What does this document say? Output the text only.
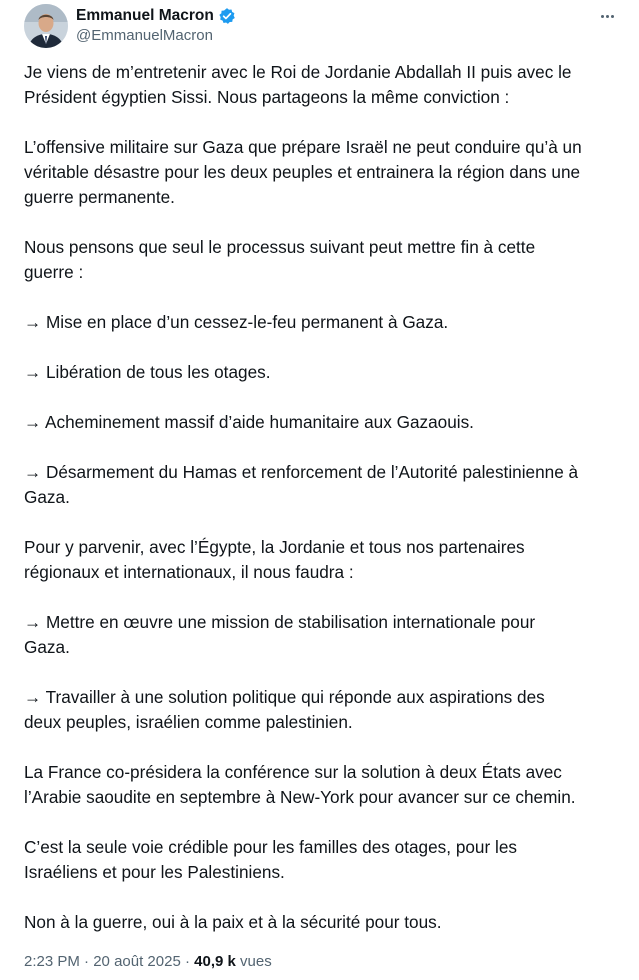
Emmanuel Macron
@EmmanuelMacron

Je viens de m’entretenir avec le Roi de Jordanie Abdallah II puis avec le
Président égyptien Sissi. Nous partageons la même conviction :

L’offensive militaire sur Gaza que prépare Israël ne peut conduire qu’à un
véritable désastre pour les deux peuples et entrainera la région dans une
guerre permanente.

Nous pensons que seul le processus suivant peut mettre fin à cette
guerre :

→ Mise en place d’un cessez-le-feu permanent à Gaza.

→ Libération de tous les otages.

→ Acheminement massif d’aide humanitaire aux Gazaouis.

→ Désarmement du Hamas et renforcement de l’Autorité palestinienne à
Gaza.

Pour y parvenir, avec l’Égypte, la Jordanie et tous nos partenaires
régionaux et internationaux, il nous faudra :

→ Mettre en œuvre une mission de stabilisation internationale pour
Gaza.

→ Travailler à une solution politique qui réponde aux aspirations des
deux peuples, israélien comme palestinien.

La France co-présidera la conférence sur la solution à deux États avec
l’Arabie saoudite en septembre à New-York pour avancer sur ce chemin.

C’est la seule voie crédible pour les familles des otages, pour les
Israéliens et pour les Palestiniens.

Non à la guerre, oui à la paix et à la sécurité pour tous.

2:23 PM · 20 août 2025 · 40,9 k vues
